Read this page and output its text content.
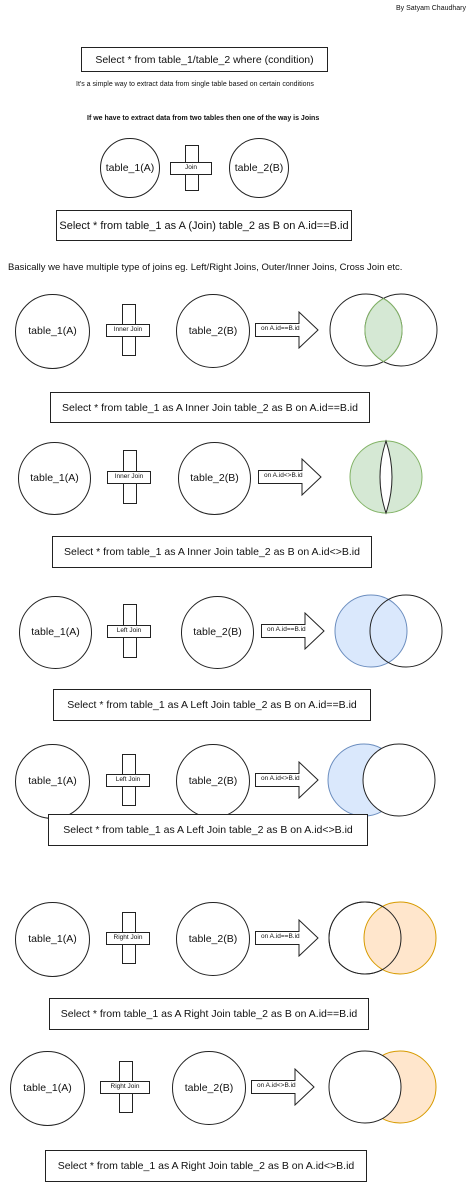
By Satyam Chaudhary
Select * from table_1/table_2 where (condition)
It's a simple way to extract data from single table based on certain conditions
If we have to extract data from two tables then one of the way is Joins
table_1(A)	Join	table_2(B)
Select * from table_1 as A (Join) table_2 as B on A.id==B.id
Basically we have multiple type of joins eg. Left/Right Joins, Outer/Inner Joins, Cross Join etc.
table_1(A)	Inner Join	table_2(B)	on A.id==B.id
Select * from table_1 as A Inner Join table_2 as B on A.id==B.id
table_1(A)	Inner Join	table_2(B)	on A.id<>B.id
Select * from table_1 as A Inner Join table_2 as B on A.id<>B.id
table_1(A)	Left Join	table_2(B)	on A.id==B.id
Select * from table_1 as A Left Join table_2 as B on A.id==B.id
table_1(A)	Left Join	table_2(B)	on A.id<>B.id
Select * from table_1 as A Left Join table_2 as B on A.id<>B.id
table_1(A)	Right Join	table_2(B)	on A.id==B.id
Select * from table_1 as A Right Join table_2 as B on A.id==B.id
table_1(A)	Right Join	table_2(B)	on A.id<>B.id
Select * from table_1 as A Right Join table_2 as B on A.id<>B.id
